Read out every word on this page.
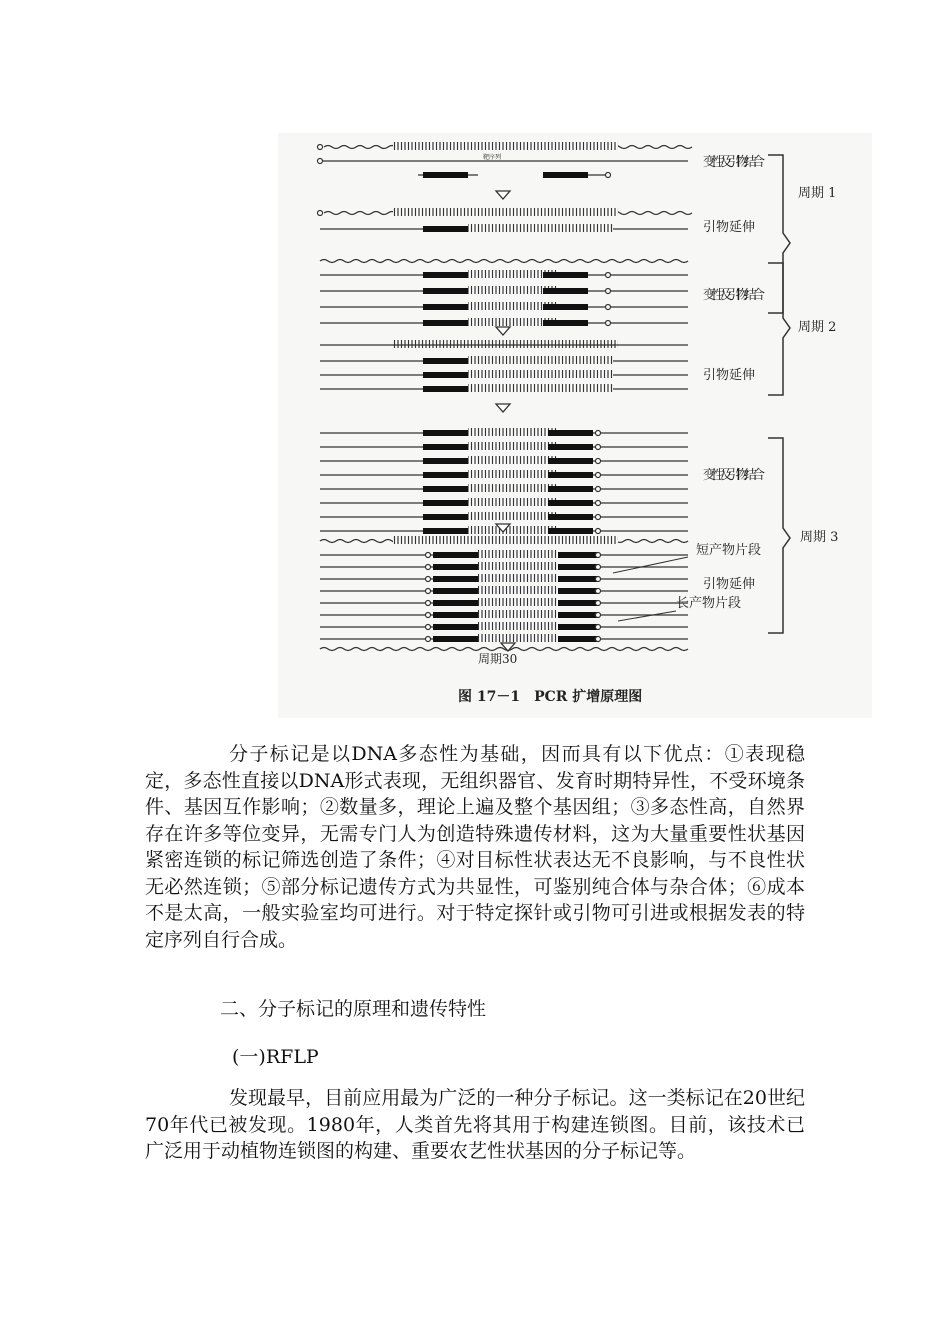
靶序列	变性及引物结合
引物延伸
周期 1
变性及引物结合
引物延伸
周期 2
变性及引物结合
周期 3
短产物片段
引物延伸
长产物片段
周期30
图 17－1　PCR 扩增原理图

分子标记是以DNA多态性为基础，因而具有以下优点：①表现稳定，多态性直接以DNA形式表现，无组织器官、发育时期特异性，不受环境条件、基因互作影响；②数量多，理论上遍及整个基因组；③多态性高，自然界存在许多等位变异，无需专门人为创造特殊遗传材料，这为大量重要性状基因紧密连锁的标记筛选创造了条件；④对目标性状表达无不良影响，与不良性状无必然连锁；⑤部分标记遗传方式为共显性，可鉴别纯合体与杂合体；⑥成本不是太高，一般实验室均可进行。对于特定探针或引物可引进或根据发表的特定序列自行合成。

二、分子标记的原理和遗传特性

(一)RFLP

发现最早，目前应用最为广泛的一种分子标记。这一类标记在20世纪70年代已被发现。1980年，人类首先将其用于构建连锁图。目前，该技术已广泛用于动植物连锁图的构建、重要农艺性状基因的分子标记等。
